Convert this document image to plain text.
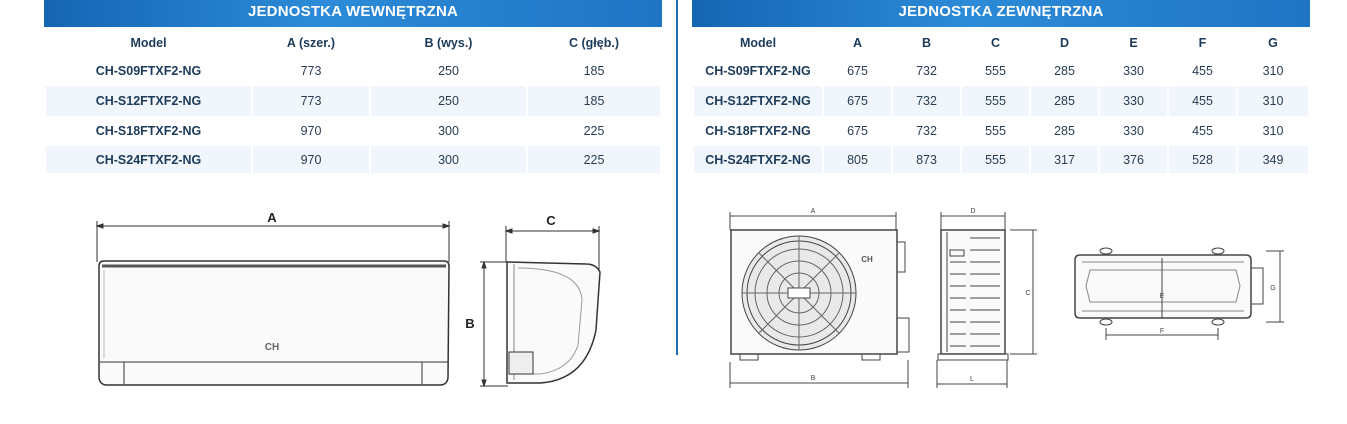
JEDNOSTKA WEWNĘTRZNA
Model	A (szer.)	B (wys.)	C (głęb.)
CH-S09FTXF2-NG	773	250	185
CH-S12FTXF2-NG	773	250	185
CH-S18FTXF2-NG	970	300	225
CH-S24FTXF2-NG	970	300	225
JEDNOSTKA ZEWNĘTRZNA
Model	A	B	C	D	E	F	G
CH-S09FTXF2-NG	675	732	555	285	330	455	310
CH-S12FTXF2-NG	675	732	555	285	330	455	310
CH-S18FTXF2-NG	675	732	555	285	330	455	310
CH-S24FTXF2-NG	805	873	555	317	376	528	349
A
CH
C
B
CH
A
B
D
C
L
F
E
G
